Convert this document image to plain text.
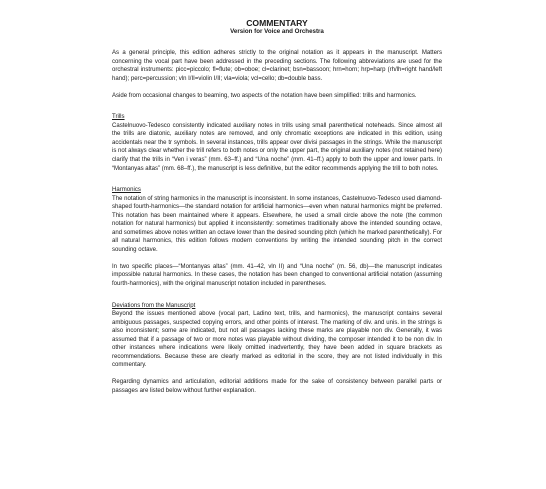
COMMENTARY
Version for Voice and Orchestra

As a general principle, this edition adheres strictly to the original notation as it appears in the manuscript. Matters concerning the vocal part have been addressed in the preceding sections. The following abbreviations are used for the orchestral instruments: picc=piccolo; fl=flute; ob=oboe; cl=clarinet; bsn=bassoon; hrn=horn; hrp=harp (rh/lh=right hand/left hand); perc=percussion; vln I/II=violin I/II; vla=viola; vcl=cello; db=double bass.

Aside from occasional changes to beaming, two aspects of the notation have been simplified: trills and harmonics.

Trills

Castelnuovo-Tedesco consistently indicated auxiliary notes in trills using small parenthetical noteheads. Since almost all the trills are diatonic, auxiliary notes are removed, and only chromatic exceptions are indicated in this edition, using accidentals near the tr symbols. In several instances, trills appear over divisi passages in the strings. While the manuscript is not always clear whether the trill refers to both notes or only the upper part, the original auxiliary notes (not retained here) clarify that the trills in “Ven i veras” (mm. 63–ff.) and “Una noche” (mm. 41–ff.) apply to both the upper and lower parts. In “Montanyas altas” (mm. 68–ff.), the manuscript is less definitive, but the editor recommends applying the trill to both notes.

Harmonics

The notation of string harmonics in the manuscript is inconsistent. In some instances, Castelnuovo-Tedesco used diamond-shaped fourth-harmonics—the standard notation for artificial harmonics—even when natural harmonics might be preferred. This notation has been maintained where it appears. Elsewhere, he used a small circle above the note (the common notation for natural harmonics) but applied it inconsistently: sometimes traditionally above the intended sounding octave, and sometimes above notes written an octave lower than the desired sounding pitch (which he marked parenthetically). For all natural harmonics, this edition follows modern conventions by writing the intended sounding pitch in the correct sounding octave.

In two specific places—“Montanyas altas” (mm. 41–42, vln II) and “Una noche” (m. 56, db)—the manuscript indicates impossible natural harmonics. In these cases, the notation has been changed to conventional artificial notation (assuming fourth-harmonics), with the original manuscript notation included in parentheses.

Deviations from the Manuscript

Beyond the issues mentioned above (vocal part, Ladino text, trills, and harmonics), the manuscript contains several ambiguous passages, suspected copying errors, and other points of interest. The marking of div. and unis. in the strings is also inconsistent; some are indicated, but not all passages lacking these marks are playable non div. Generally, it was assumed that if a passage of two or more notes was playable without dividing, the composer intended it to be non div. In other instances where indications were likely omitted inadvertently, they have been added in square brackets as recommendations. Because these are clearly marked as editorial in the score, they are not listed individually in this commentary.

Regarding dynamics and articulation, editorial additions made for the sake of consistency between parallel parts or passages are listed below without further explanation.
